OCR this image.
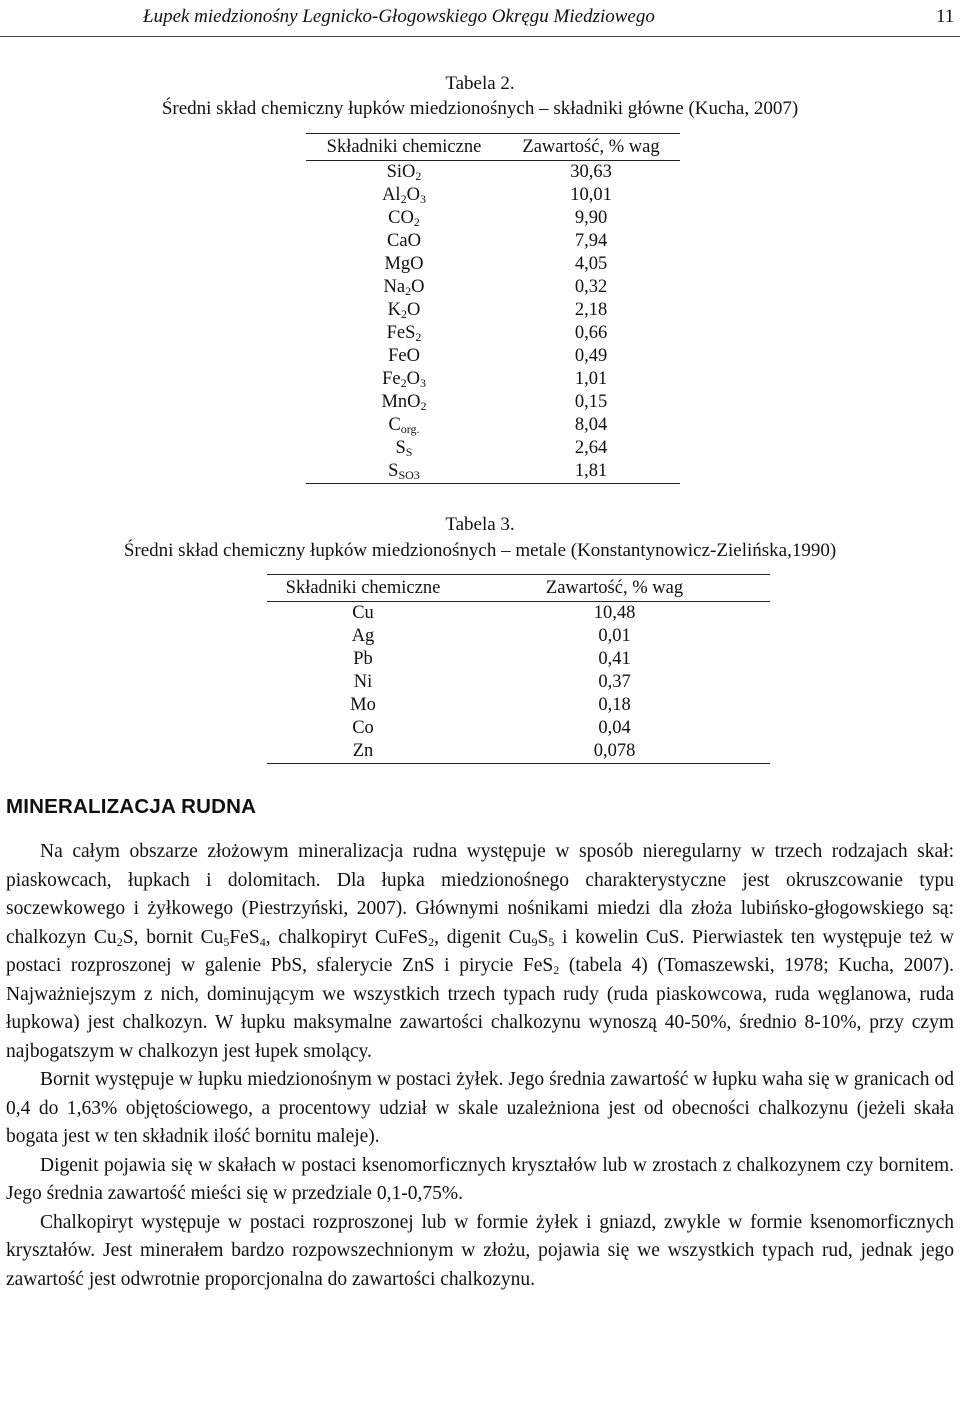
Łupek miedzionośny Legnicko-Głogowskiego Okręgu Miedziowego	11
Tabela 2.
Średni skład chemiczny łupków miedzionośnych – składniki główne (Kucha, 2007)
Składniki chemiczne	Zawartość, % wag
SiO$_2$	30,63
$Al_2O_3$	10,01
$CO_2$	9,90
CaO	7,94
MgO	4,05
$Na_2O$	0,32
$K_2O$	2,18
FeS$_2$	0,66
FeO	0,49
$Fe_2O_3$	1,01
MnO$_2$	0,15
$C_{org.}$	8,04
$S_S$	2,64
$S_{SO3}$	1,81
Tabela 3.
Średni skład chemiczny łupków miedzionośnych – metale (Konstantynowicz-Zielińska,1990)
Składniki chemiczne	Zawartość, % wag
Cu	10,48
Ag	0,01
Pb	0,41
Ni	0,37
Mo	0,18
Co	0,04
Zn	0,078
MINERALIZACJA RUDNA

Na całym obszarze złożowym mineralizacja rudna występuje w sposób nieregularny w trzech rodzajach skał: piaskowcach, łupkach i dolomitach. Dla łupka miedzionośnego charakterystyczne jest okruszcowanie typu soczewkowego i żyłkowego (Piestrzyński, 2007). Głównymi nośnikami miedzi dla złoża lubińsko-głogowskiego są: chalkozyn $Cu_2S$, bornit $Cu_5FeS_4$, chalkopiryt CuFeS$_2$, digenit $Cu_9S_5$ i kowelin CuS. Pierwiastek ten występuje też w postaci rozproszonej w galenie PbS, sfalerycie ZnS i pirycie FeS$_2$ (tabela 4) (Tomaszewski, 1978; Kucha, 2007). Najważniejszym z nich, dominującym we wszystkich trzech typach rudy (ruda piaskowcowa, ruda węglanowa, ruda łupkowa) jest chalkozyn. W łupku maksymalne zawartości chalkozynu wynoszą 40-50%, średnio 8-10%, przy czym najbogatszym w chalkozyn jest łupek smolący.

Bornit występuje w łupku miedzionośnym w postaci żyłek. Jego średnia zawartość w łupku waha się w granicach od 0,4 do 1,63% objętościowego, a procentowy udział w skale uzależniona jest od obecności chalkozynu (jeżeli skała bogata jest w ten składnik ilość bornitu maleje).

Digenit pojawia się w skałach w postaci ksenomorficznych kryształów lub w zrostach z chalkozynem czy bornitem. Jego średnia zawartość mieści się w przedziale 0,1-0,75%.

Chalkopiryt występuje w postaci rozproszonej lub w formie żyłek i gniazd, zwykle w formie ksenomorficznych kryształów. Jest minerałem bardzo rozpowszechnionym w złożu, pojawia się we wszystkich typach rud, jednak jego zawartość jest odwrotnie proporcjonalna do zawartości chalkozynu.
